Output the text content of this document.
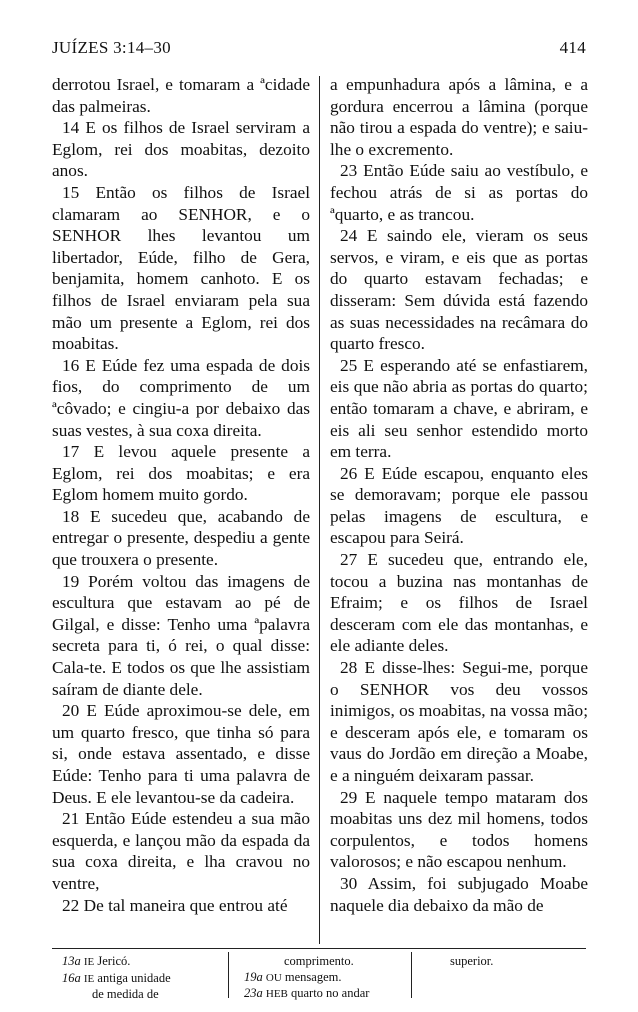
JUÍZES 3:14–30	414

derrotou Israel, e tomaram a ªcidade das palmeiras.

14 E os filhos de Israel serviram a Eglom, rei dos moabitas, dezoito anos.

15 Então os filhos de Israel clamaram ao SENHOR, e o SENHOR lhes levantou um libertador, Eúde, filho de Gera, benjamita, homem canhoto. E os filhos de Israel enviaram pela sua mão um presente a Eglom, rei dos moabitas.

16 E Eúde fez uma espada de dois fios, do comprimento de um ªcôvado; e cingiu-a por debaixo das suas vestes, à sua coxa direita.

17 E levou aquele presente a Eglom, rei dos moabitas; e era Eglom homem muito gordo.

18 E sucedeu que, acabando de entregar o presente, despediu a gente que trouxera o presente.

19 Porém voltou das imagens de escultura que estavam ao pé de Gilgal, e disse: Tenho uma ªpalavra secreta para ti, ó rei, o qual disse: Cala-te. E todos os que lhe assistiam saíram de diante dele.

20 E Eúde aproximou-se dele, em um quarto fresco, que tinha só para si, onde estava assentado, e disse Eúde: Tenho para ti uma palavra de Deus. E ele levantou-se da cadeira.

21 Então Eúde estendeu a sua mão esquerda, e lançou mão da espada da sua coxa direita, e lha cravou no ventre,

22 De tal maneira que entrou até

a empunhadura após a lâmina, e a gordura encerrou a lâmina (porque não tirou a espada do ventre); e saiu-lhe o excremento.

23 Então Eúde saiu ao vestíbulo, e fechou atrás de si as portas do ªquarto, e as trancou.

24 E saindo ele, vieram os seus servos, e viram, e eis que as portas do quarto estavam fechadas; e disseram: Sem dúvida está fazendo as suas necessidades na recâmara do quarto fresco.

25 E esperando até se enfastiarem, eis que não abria as portas do quarto; então tomaram a chave, e abriram, e eis ali seu senhor estendido morto em terra.

26 E Eúde escapou, enquanto eles se demoravam; porque ele passou pelas imagens de escultura, e escapou para Seirá.

27 E sucedeu que, entrando ele, tocou a buzina nas montanhas de Efraim; e os filhos de Israel desceram com ele das montanhas, e ele adiante deles.

28 E disse-lhes: Segui-me, porque o SENHOR vos deu vossos inimigos, os moabitas, na vossa mão; e desceram após ele, e tomaram os vaus do Jordão em direção a Moabe, e a ninguém deixaram passar.

29 E naquele tempo mataram dos moabitas uns dez mil homens, todos corpulentos, e todos homens valorosos; e não escapou nenhum.

30 Assim, foi subjugado Moabe naquele dia debaixo da mão de

13a IE Jericó.
16a IE antiga unidade
de medida de
comprimento.
19a OU mensagem.
23a HEB quarto no andar
superior.
